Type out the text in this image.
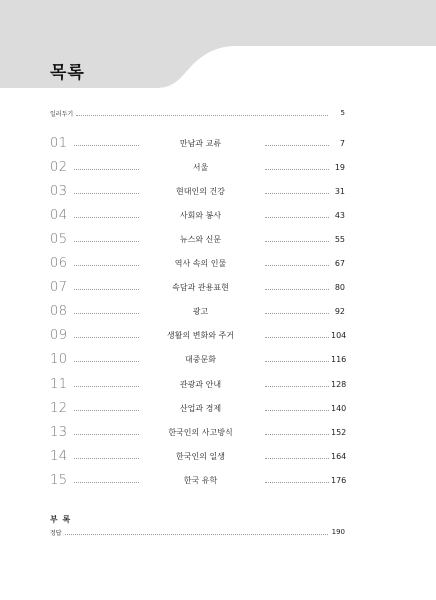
목록
일러두기	5
01	만남과 교류	7
02	서울	19
03	현대인의 건강	31
04	사회와 봉사	43
05	뉴스와 신문	55
06	역사 속의 인물	67
07	속담과 관용표현	80
08	광고	92
09	생활의 변화와 주거	104
10	대중문화	116
11	관광과 안내	128
12	산업과 경제	140
13	한국인의 사고방식	152
14	한국인의 일생	164
15	한국 유학	176
부 록
정답	190
